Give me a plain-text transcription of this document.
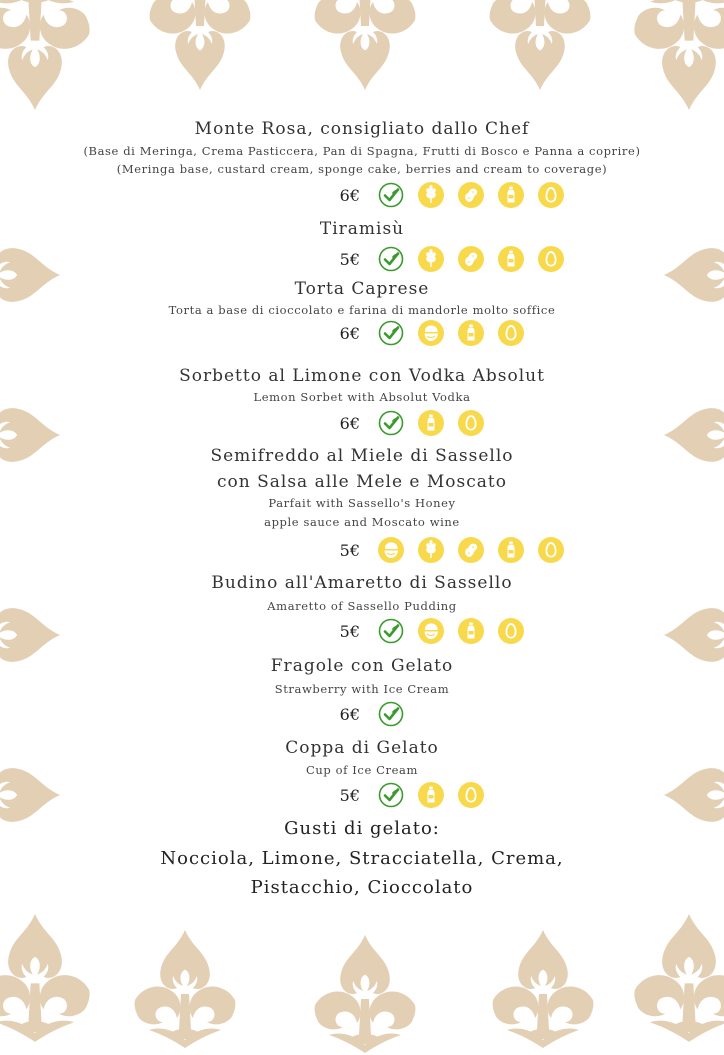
Monte Rosa, consigliato dallo Chef
(Base di Meringa, Crema Pasticcera, Pan di Spagna, Frutti di Bosco e Panna a coprire)
(Meringa base, custard cream, sponge cake, berries and cream to coverage)
6€
Tiramisù
5€
Torta Caprese
Torta a base di cioccolato e farina di mandorle molto soffice
6€
Sorbetto al Limone con Vodka Absolut
Lemon Sorbet with Absolut Vodka
6€
Semifreddo al Miele di Sassello
con Salsa alle Mele e Moscato
Parfait with Sassello's Honey
apple sauce and Moscato wine
5€
Budino all'Amaretto di Sassello
Amaretto of Sassello Pudding
5€
Fragole con Gelato
Strawberry with Ice Cream
6€
Coppa di Gelato
Cup of Ice Cream
5€
Gusti di gelato:
Nocciola, Limone, Stracciatella, Crema,
Pistacchio, Cioccolato
